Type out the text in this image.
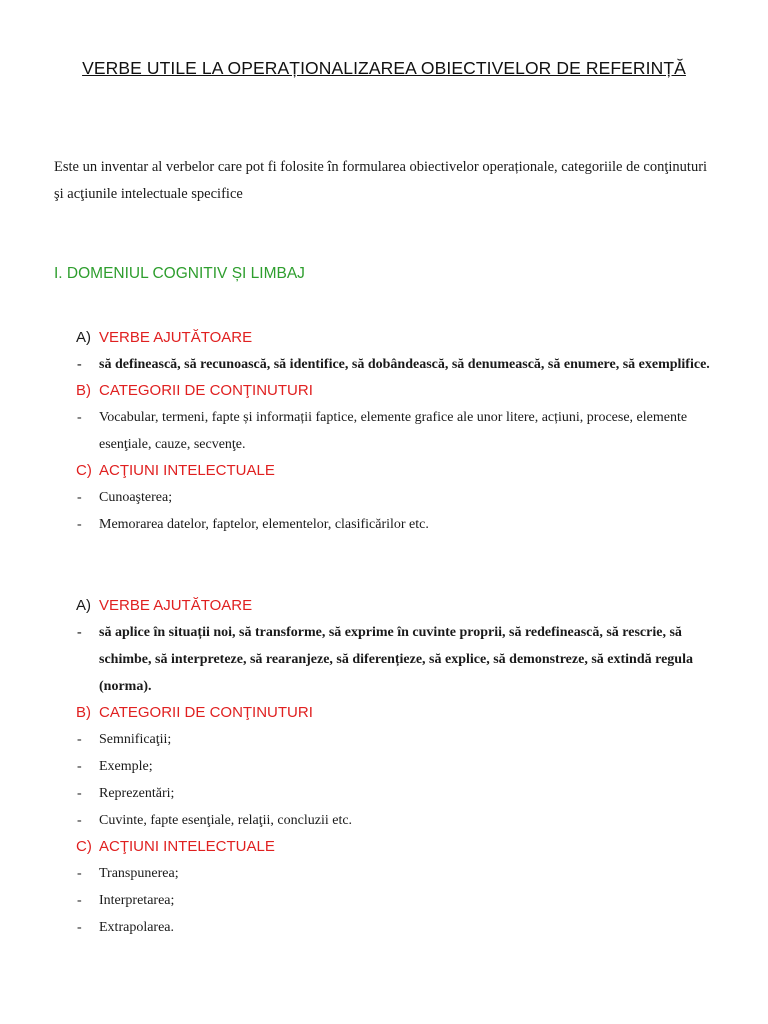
VERBE UTILE LA OPERAȚIONALIZAREA OBIECTIVELOR DE REFERINȚĂ
Este un inventar al verbelor care pot fi folosite în formularea obiectivelor operaționale, categoriile de conţinuturi şi acţiunile intelectuale specifice
I. DOMENIUL COGNITIV ȘI LIMBAJ
A) VERBE AJUTĂTOARE
- să definească, să recunoască, să identifice, să dobândească, să denumească, să enumere, să exemplifice.
B) CATEGORII DE CONŢINUTURI
- Vocabular, termeni, fapte și informații faptice, elemente grafice ale unor litere, acțiuni, procese, elemente esenţiale, cauze, secvenţe.
C) ACŢIUNI INTELECTUALE
- Cunoaşterea;
- Memorarea datelor, faptelor, elementelor, clasificărilor etc.
A) VERBE AJUTĂTOARE
- să aplice în situații noi, să transforme, să exprime în cuvinte proprii, să redefinească, să rescrie, să schimbe, să interpreteze, să rearanjeze, să diferențieze, să explice, să demonstreze, să extindă regula (norma).
B) CATEGORII DE CONŢINUTURI
- Semnificaţii;
- Exemple;
- Reprezentări;
- Cuvinte, fapte esenţiale, relaţii, concluzii etc.
C) ACŢIUNI INTELECTUALE
- Transpunerea;
- Interpretarea;
- Extrapolarea.
